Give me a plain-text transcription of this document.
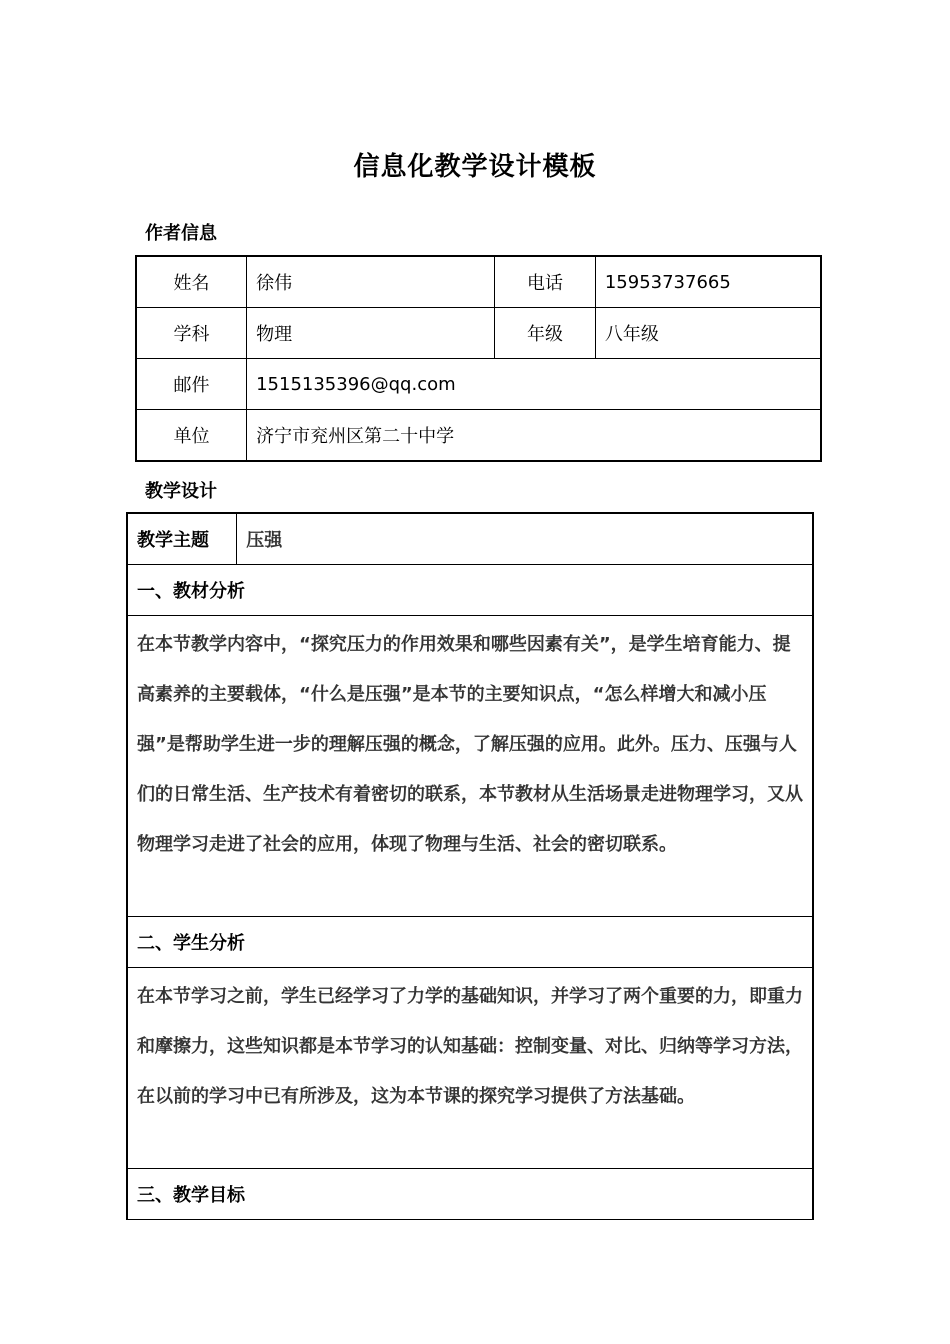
信息化教学设计模板
作者信息
姓名	徐伟	电话	15953737665
学科	物理	年级	八年级
邮件	1515135396@qq.com		
单位	济宁市兖州区第二十中学		
教学设计
教学主题	压强
一、教材分析
在本节教学内容中，“探究压力的作用效果和哪些因素有关”，是学生培育能力、提高素养的主要载体，“什么是压强”是本节的主要知识点，“怎么样增大和减小压强”是帮助学生进一步的理解压强的概念，了解压强的应用。此外。压力、压强与人们的日常生活、生产技术有着密切的联系，本节教材从生活场景走进物理学习，又从物理学习走进了社会的应用，体现了物理与生活、社会的密切联系。
二、学生分析
在本节学习之前，学生已经学习了力学的基础知识，并学习了两个重要的力，即重力和摩擦力，这些知识都是本节学习的认知基础：控制变量、对比、归纳等学习方法，在以前的学习中已有所涉及，这为本节课的探究学习提供了方法基础。
三、教学目标
